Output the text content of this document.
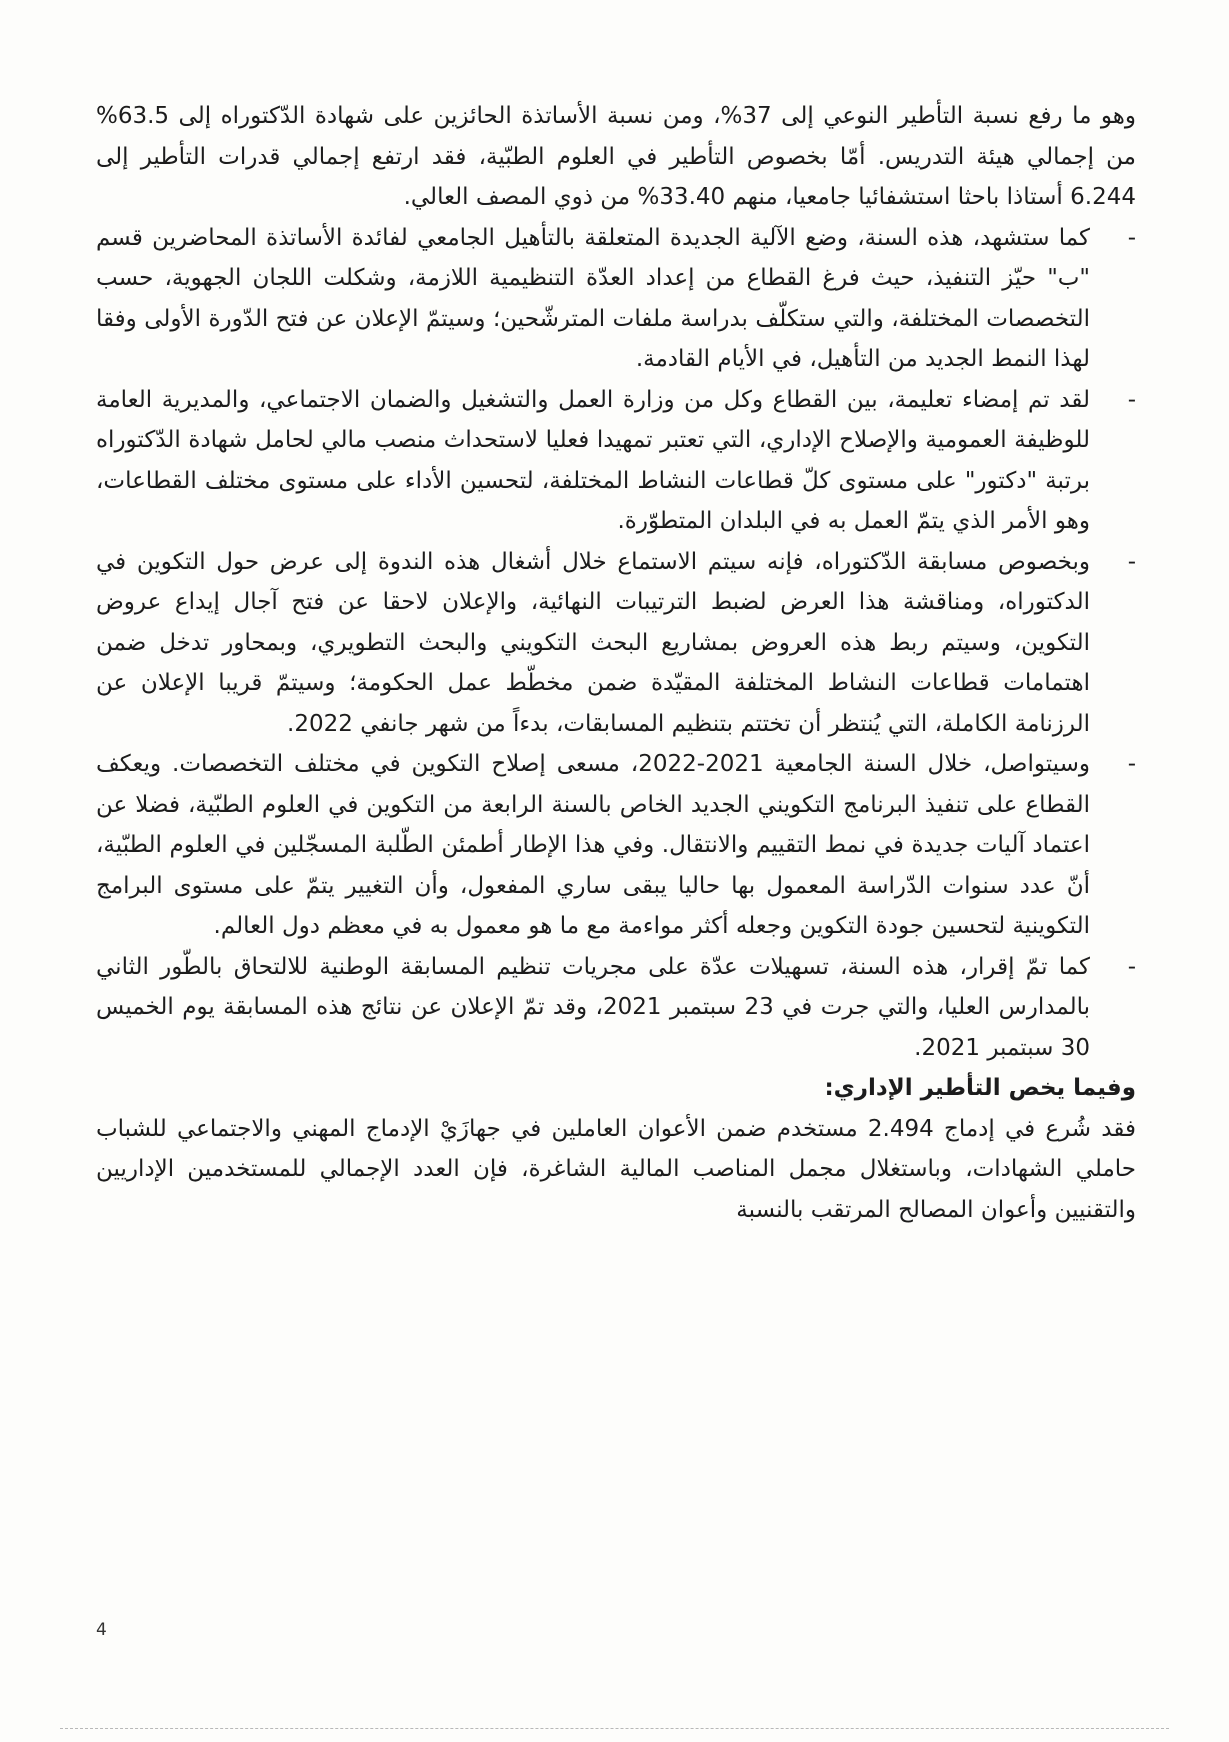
وهو ما رفع نسبة التأطير النوعي إلى 37%، ومن نسبة الأساتذة الحائزين على شهادة الدّكتوراه إلى 63.5% من إجمالي هيئة التدريس. أمّا بخصوص التأطير في العلوم الطبّية، فقد ارتفع إجمالي قدرات التأطير إلى 6.244 أستاذا باحثا استشفائيا جامعيا، منهم 33.40% من ذوي المصف العالي.

-
كما ستشهد، هذه السنة، وضع الآلية الجديدة المتعلقة بالتأهيل الجامعي لفائدة الأساتذة المحاضرين قسم "ب" حيّز التنفيذ، حيث فرغ القطاع من إعداد العدّة التنظيمية اللازمة، وشكلت اللجان الجهوية، حسب التخصصات المختلفة، والتي ستكلّف بدراسة ملفات المترشّحين؛ وسيتمّ الإعلان عن فتح الدّورة الأولى وفقا لهذا النمط الجديد من التأهيل، في الأيام القادمة.

-
لقد تم إمضاء تعليمة، بين القطاع وكل من وزارة العمل والتشغيل والضمان الاجتماعي، والمديرية العامة للوظيفة العمومية والإصلاح الإداري، التي تعتبر تمهيدا فعليا لاستحداث منصب مالي لحامل شهادة الدّكتوراه برتبة "دكتور" على مستوى كلّ قطاعات النشاط المختلفة، لتحسين الأداء على مستوى مختلف القطاعات، وهو الأمر الذي يتمّ العمل به في البلدان المتطوّرة.

-
وبخصوص مسابقة الدّكتوراه، فإنه سيتم الاستماع خلال أشغال هذه الندوة إلى عرض حول التكوين في الدكتوراه، ومناقشة هذا العرض لضبط الترتيبات النهائية، والإعلان لاحقا عن فتح آجال إيداع عروض التكوين، وسيتم ربط هذه العروض بمشاريع البحث التكويني والبحث التطويري، وبمحاور تدخل ضمن اهتمامات قطاعات النشاط المختلفة المقيّدة ضمن مخطّط عمل الحكومة؛ وسيتمّ قريبا الإعلان عن الرزنامة الكاملة، التي يُنتظر أن تختتم بتنظيم المسابقات، بدءاً من شهر جانفي 2022.

-
وسيتواصل، خلال السنة الجامعية 2021-2022، مسعى إصلاح التكوين في مختلف التخصصات. ويعكف القطاع على تنفيذ البرنامج التكويني الجديد الخاص بالسنة الرابعة من التكوين في العلوم الطبّية، فضلا عن اعتماد آليات جديدة في نمط التقييم والانتقال. وفي هذا الإطار أطمئن الطّلبة المسجّلين في العلوم الطبّية، أنّ عدد سنوات الدّراسة المعمول بها حاليا يبقى ساري المفعول، وأن التغيير يتمّ على مستوى البرامج التكوينية لتحسين جودة التكوين وجعله أكثر مواءمة مع ما هو معمول به في معظم دول العالم.

-
كما تمّ إقرار، هذه السنة، تسهيلات عدّة على مجريات تنظيم المسابقة الوطنية للالتحاق بالطّور الثاني بالمدارس العليا، والتي جرت في 23 سبتمبر 2021، وقد تمّ الإعلان عن نتائج هذه المسابقة يوم الخميس 30 سبتمبر 2021.

وفيما يخص التأطير الإداري:

فقد شُرع في إدماج 2.494 مستخدم ضمن الأعوان العاملين في جهازَيْ الإدماج المهني والاجتماعي للشباب حاملي الشهادات، وباستغلال مجمل المناصب المالية الشاغرة، فإن العدد الإجمالي للمستخدمين الإداريين والتقنيين وأعوان المصالح المرتقب بالنسبة

4
